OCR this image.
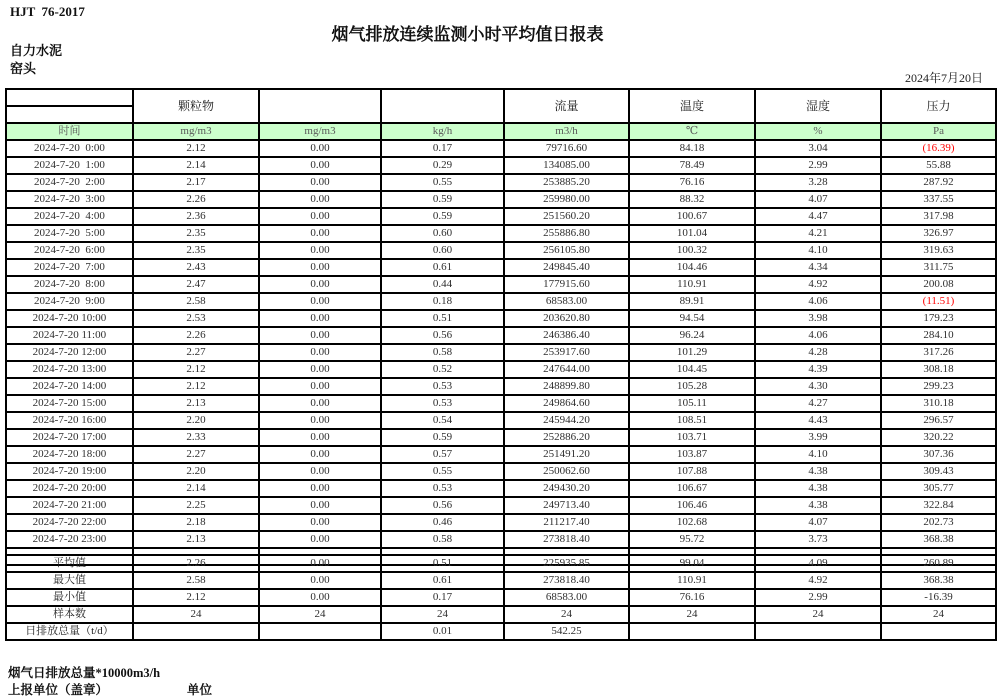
HJT  76-2017
烟气排放连续监测小时平均值日报表
自力水泥
窑头
2024年7月20日
	颗粒物			流量	温度	湿度	压力

时间	mg/m3	mg/m3	kg/h	m3/h	℃	%	Pa
2024-7-20  0:00	2.12	0.00	0.17	79716.60	84.18	3.04	(16.39)
2024-7-20  1:00	2.14	0.00	0.29	134085.00	78.49	2.99	55.88
2024-7-20  2:00	2.17	0.00	0.55	253885.20	76.16	3.28	287.92
2024-7-20  3:00	2.26	0.00	0.59	259980.00	88.32	4.07	337.55
2024-7-20  4:00	2.36	0.00	0.59	251560.20	100.67	4.47	317.98
2024-7-20  5:00	2.35	0.00	0.60	255886.80	101.04	4.21	326.97
2024-7-20  6:00	2.35	0.00	0.60	256105.80	100.32	4.10	319.63
2024-7-20  7:00	2.43	0.00	0.61	249845.40	104.46	4.34	311.75
2024-7-20  8:00	2.47	0.00	0.44	177915.60	110.91	4.92	200.08
2024-7-20  9:00	2.58	0.00	0.18	68583.00	89.91	4.06	(11.51)
2024-7-20 10:00	2.53	0.00	0.51	203620.80	94.54	3.98	179.23
2024-7-20 11:00	2.26	0.00	0.56	246386.40	96.24	4.06	284.10
2024-7-20 12:00	2.27	0.00	0.58	253917.60	101.29	4.28	317.26
2024-7-20 13:00	2.12	0.00	0.52	247644.00	104.45	4.39	308.18
2024-7-20 14:00	2.12	0.00	0.53	248899.80	105.28	4.30	299.23
2024-7-20 15:00	2.13	0.00	0.53	249864.60	105.11	4.27	310.18
2024-7-20 16:00	2.20	0.00	0.54	245944.20	108.51	4.43	296.57
2024-7-20 17:00	2.33	0.00	0.59	252886.20	103.71	3.99	320.22
2024-7-20 18:00	2.27	0.00	0.57	251491.20	103.87	4.10	307.36
2024-7-20 19:00	2.20	0.00	0.55	250062.60	107.88	4.38	309.43
2024-7-20 20:00	2.14	0.00	0.53	249430.20	106.67	4.38	305.77
2024-7-20 21:00	2.25	0.00	0.56	249713.40	106.46	4.38	322.84
2024-7-20 22:00	2.18	0.00	0.46	211217.40	102.68	4.07	202.73
2024-7-20 23:00	2.13	0.00	0.58	273818.40	95.72	3.73	368.38

平均值	2.26	0.00	0.51	225935.85	99.04	4.09	260.89
最大值	2.58	0.00	0.61	273818.40	110.91	4.92	368.38
最小值	2.12	0.00	0.17	68583.00	76.16	2.99	-16.39
样本数	24	24	24	24	24	24	24
日排放总量（t/d）			0.01	542.25			
烟气日排放总量*10000m3/h
上报单位（盖章）	单位
